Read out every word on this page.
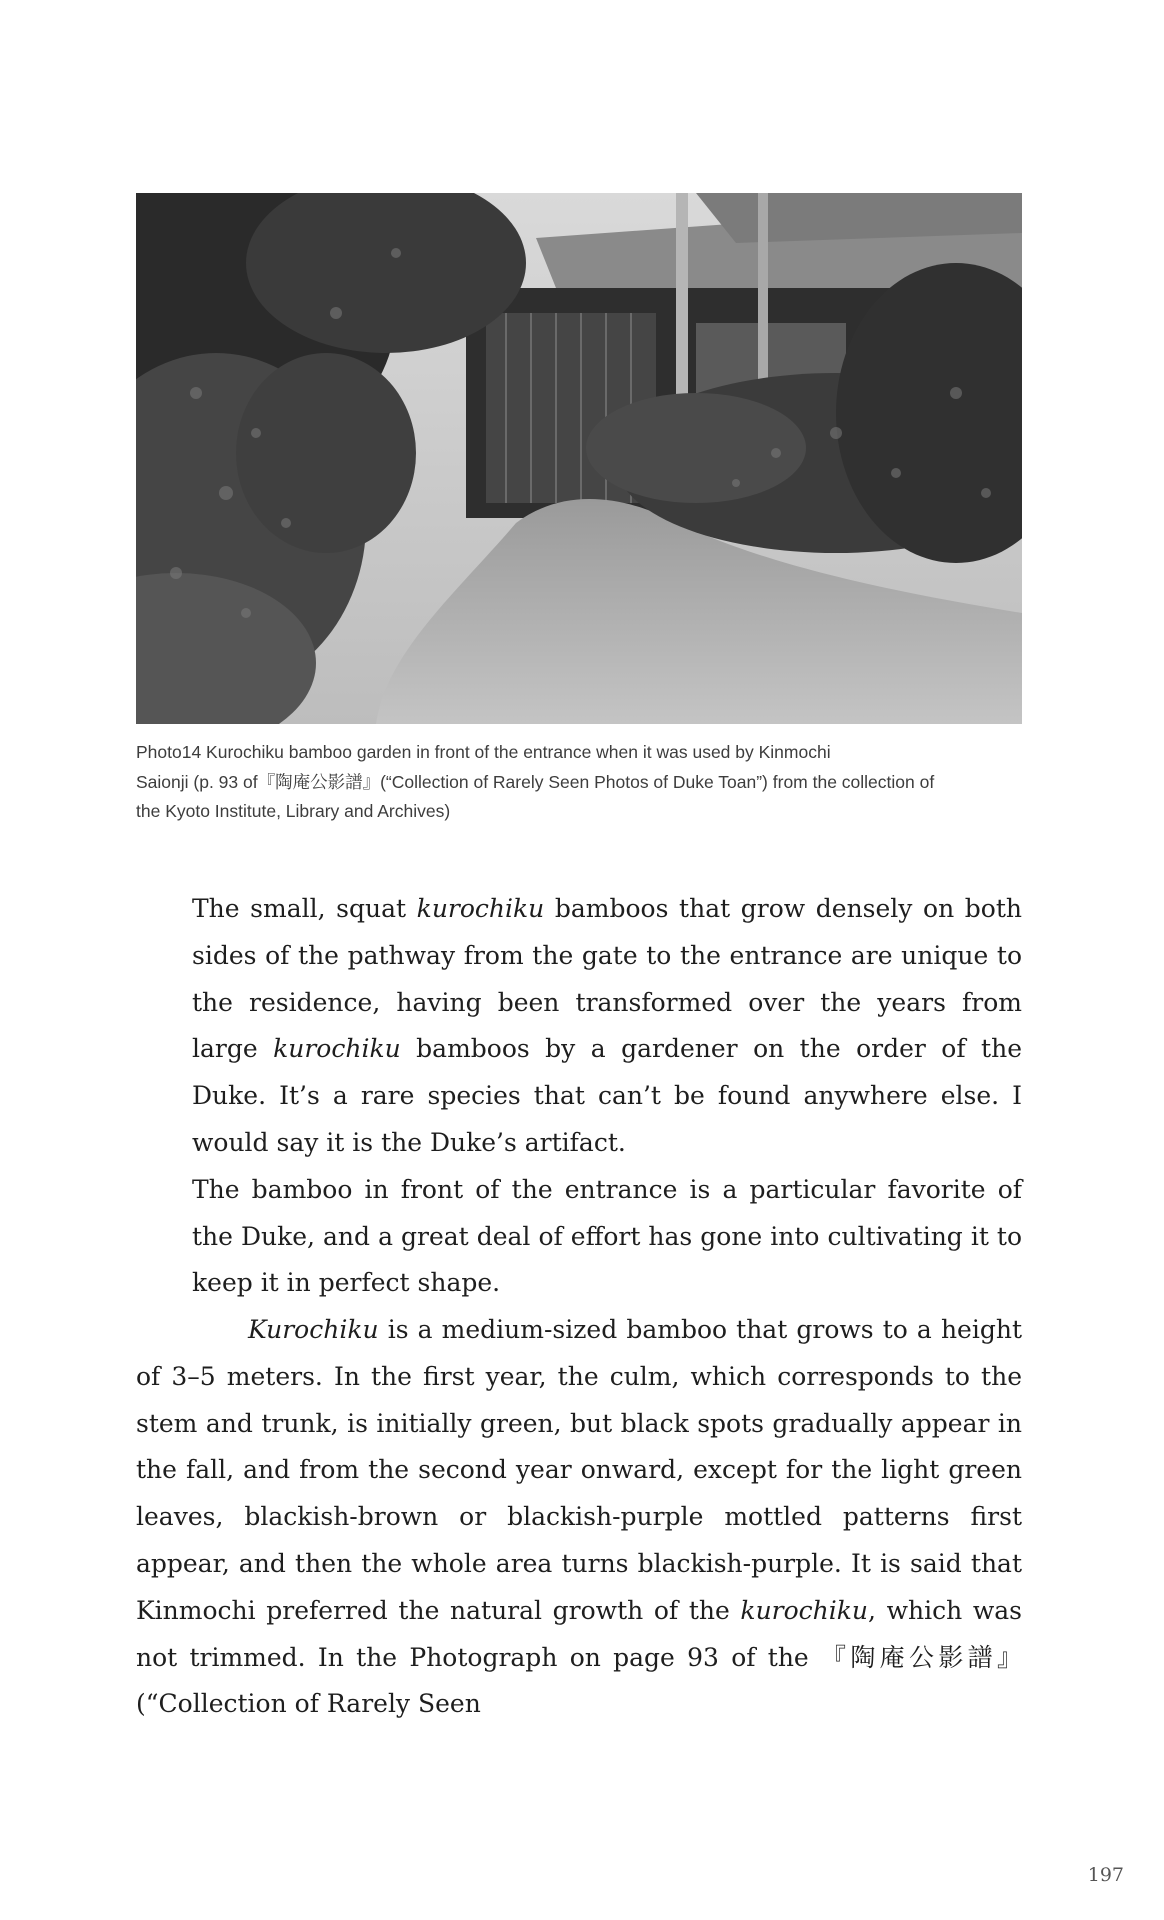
Photo14 Kurochiku bamboo garden in front of the entrance when it was used by Kinmochi
Saionji (p. 93 of『陶庵公影譜』(“Collection of Rarely Seen Photos of Duke Toan”) from the collection of
the Kyoto Institute, Library and Archives)

The small, squat kurochiku bamboos that grow densely on both sides of the pathway from the gate to the entrance are unique to the residence, having been transformed over the years from large kurochiku bamboos by a gardener on the order of the Duke. It’s a rare species that can’t be found anywhere else. I would say it is the Duke’s artifact.

The bamboo in front of the entrance is a particular favorite of the Duke, and a great deal of effort has gone into cultivating it to keep it in perfect shape.

Kurochiku is a medium-sized bamboo that grows to a height of 3–5 meters. In the first year, the culm, which corresponds to the stem and trunk, is initially green, but black spots gradually appear in the fall, and from the second year onward, except for the light green leaves, blackish-brown or blackish-purple mottled patterns first appear, and then the whole area turns blackish-purple. It is said that Kinmochi preferred the natural growth of the kurochiku, which was not trimmed. In the Photograph on page 93 of the 『陶庵公影譜』(“Collection of Rarely Seen

197
